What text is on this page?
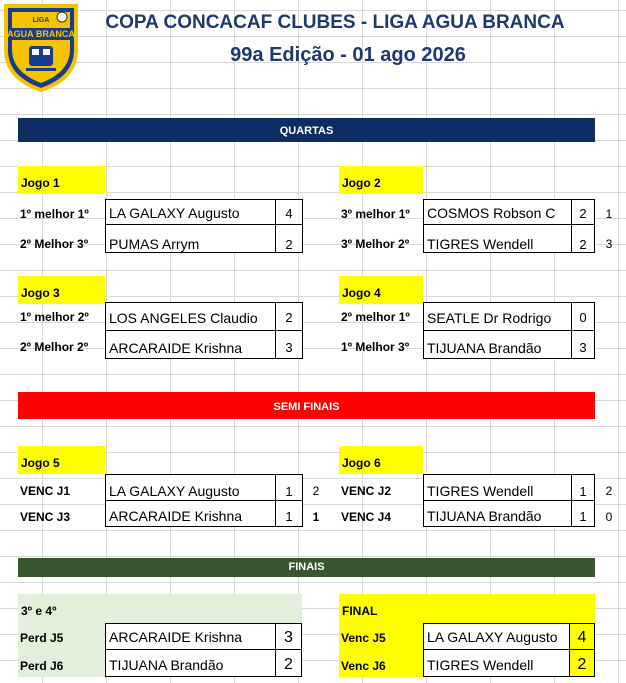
LIGA
AGUA BRANCA
COPA CONCACAF CLUBES - LIGA AGUA BRANCA
99a Edição - 01 ago 2026
QUARTAS
Jogo 1
1º melhor 1º	LA GALAXY Augusto	4
2º Melhor 3º	PUMAS Arrym	2
Jogo 2
3º melhor 1º	COSMOS Robson C	2	1
3º Melhor 2º	TIGRES Wendell	2	3
Jogo 3
1º melhor 2º	LOS ANGELES Claudio	2
2º Melhor 2º	ARCARAIDE Krishna	3
Jogo 4
2º melhor 1º	SEATLE Dr Rodrigo	0
1º Melhor 3º	TIJUANA Brandão	3
SEMI FINAIS
Jogo 5
VENC J1	LA GALAXY Augusto	1	2
VENC J3	ARCARAIDE Krishna	1	1
Jogo 6
VENC J2	TIGRES Wendell	1	2
VENC J4	TIJUANA Brandão	1	0
FINAIS
3º e 4º
Perd J5	ARCARAIDE Krishna	3
Perd J6	TIJUANA Brandão	2
FINAL
Venc J5	LA GALAXY Augusto	4
Venc J6	TIGRES Wendell	2
